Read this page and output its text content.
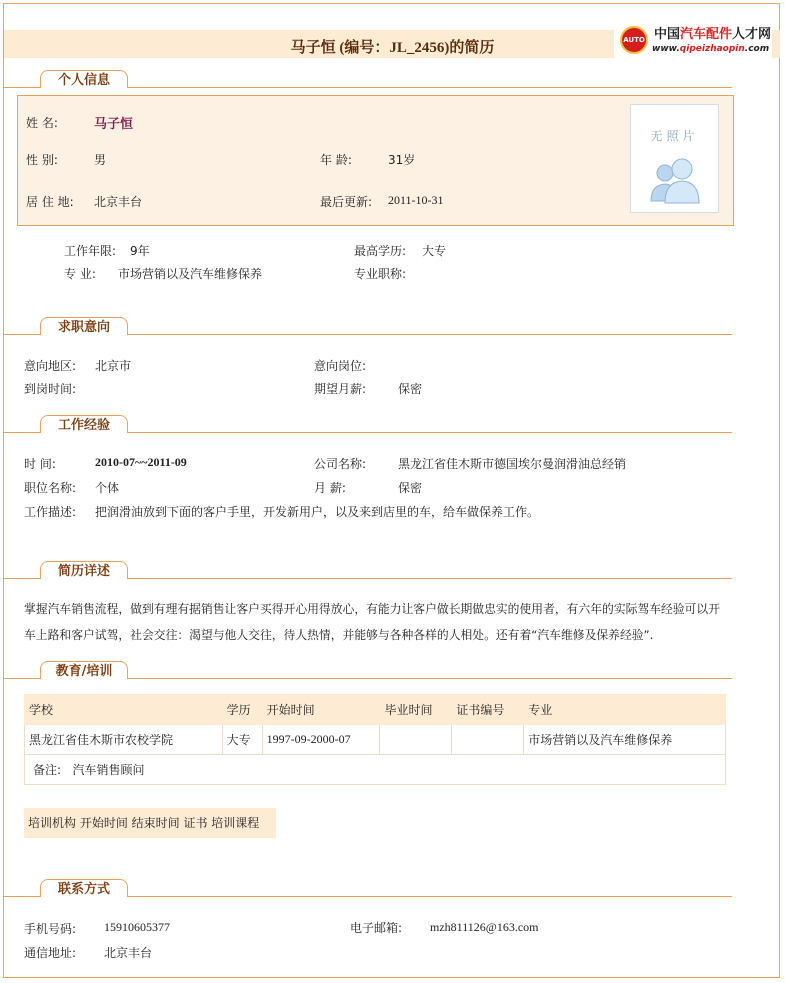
马子恒 (编号：JL_2456)的简历	AUTO 中国汽车配件人才网
www.qipeizhaopin.com
个人信息
姓 名:	马子恒
性 别:	男	年 龄:	31岁
居 住 地: 北京丰台	最后更新: 2011-10-31
无照片
工作年限: 9年	最高学历: 大专
专 业: 市场营销以及汽车维修保养	专业职称:
求职意向
意向地区: 北京市	意向岗位:
到岗时间:	期望月薪:	保密
工作经验
时 间:	2010-07~~2011-09	公司名称:	黑龙江省佳木斯市德国埃尔曼润滑油总经销
职位名称: 个体	月 薪:	保密
工作描述: 把润滑油放到下面的客户手里，开发新用户，以及来到店里的车，给车做保养工作。
简历详述
掌握汽车销售流程，做到有理有据销售让客户买得开心用得放心，有能力让客户做长期做忠实的使用者，有六年的实际驾车经验可以开
车上路和客户试驾，社会交往：渴望与他人交往，待人热情，并能够与各种各样的人相处。还有着“汽车维修及保养经验”.
教育/培训
学校	学历	开始时间	毕业时间	证书编号	专业
黑龙江省佳木斯市农校学院	大专	1997-09-2000-07			市场营销以及汽车维修保养
备注: 汽车销售顾问					
培训机构 开始时间 结束时间 证书 培训课程
联系方式
手机号码: 15910605377	电子邮箱: mzh811126@163.com
通信地址: 北京丰台
